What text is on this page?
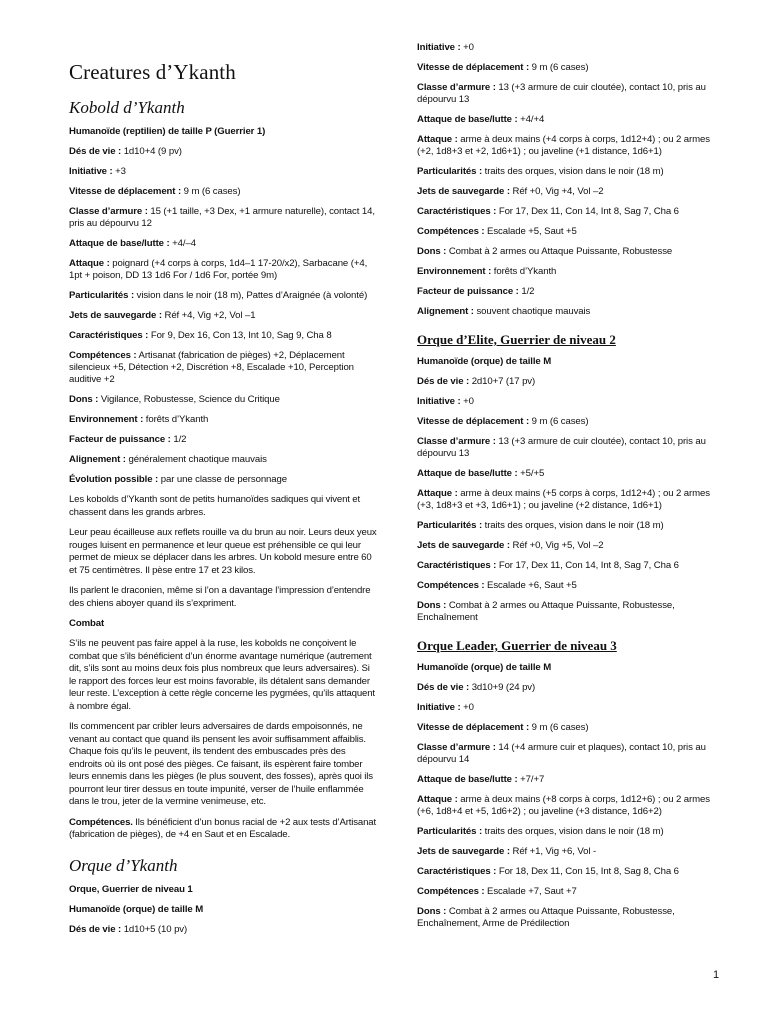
Creatures d’Ykanth
Kobold d’Ykanth

Humanoïde (reptilien) de taille P (Guerrier 1)

Dés de vie : 1d10+4 (9 pv)

Initiative : +3

Vitesse de déplacement : 9 m (6 cases)

Classe d’armure : 15 (+1 taille, +3 Dex, +1 armure naturelle), contact 14, pris au dépourvu 12

Attaque de base/lutte : +4/–4

Attaque : poignard (+4 corps à corps, 1d4–1 17-20/x2), Sarbacane (+4, 1pt + poison, DD 13 1d6 For / 1d6 For, portée 9m)

Particularités : vision dans le noir (18 m), Pattes d’Araignée (à volonté)

Jets de sauvegarde : Réf +4, Vig +2, Vol –1

Caractéristiques : For 9, Dex 16, Con 13, Int 10, Sag 9, Cha 8

Compétences : Artisanat (fabrication de pièges) +2, Déplacement silencieux +5, Détection +2, Discrétion +8, Escalade +10, Perception auditive +2

Dons : Vigilance, Robustesse, Science du Critique

Environnement : forêts d’Ykanth

Facteur de puissance : 1/2

Alignement : généralement chaotique mauvais

Évolution possible : par une classe de personnage

Les kobolds d’Ykanth sont de petits humanoïdes sadiques qui vivent et chassent dans les grands arbres.

Leur peau écailleuse aux reflets rouille va du brun au noir. Leurs deux yeux rouges luisent en permanence et leur queue est préhensible ce qui leur permet de mieux se déplacer dans les arbres. Un kobold mesure entre 60 et 75 centimètres. Il pèse entre 17 et 23 kilos.

Ils parlent le draconien, même si l’on a davantage l’impression d’entendre des chiens aboyer quand ils s’expriment.

Combat

S’ils ne peuvent pas faire appel à la ruse, les kobolds ne conçoivent le combat que s’ils bénéficient d’un énorme avantage numérique (autrement dit, s’ils sont au moins deux fois plus nombreux que leurs adversaires). Si le rapport des forces leur est moins favorable, ils détalent sans demander leur reste. L’exception à cette règle concerne les pygmées, qu’ils attaquent à nombre égal.

Ils commencent par cribler leurs adversaires de dards empoisonnés, ne venant au contact que quand ils pensent les avoir suffisamment affaiblis. Chaque fois qu’ils le peuvent, ils tendent des embuscades près des endroits où ils ont posé des pièges. Ce faisant, ils espèrent faire tomber leurs ennemis dans les pièges (le plus souvent, des fosses), après quoi ils pourront leur tirer dessus en toute impunité, verser de l’huile enflammée dans le trou, jeter de la vermine venimeuse, etc.

Compétences. Ils bénéficient d’un bonus racial de +2 aux tests d’Artisanat (fabrication de pièges), de +4 en Saut et en Escalade.

Orque d’Ykanth

Orque, Guerrier de niveau 1

Humanoïde (orque) de taille M

Dés de vie : 1d10+5 (10 pv)

Initiative : +0

Vitesse de déplacement : 9 m (6 cases)

Classe d’armure : 13 (+3 armure de cuir cloutée), contact 10, pris au dépourvu 13

Attaque de base/lutte : +4/+4

Attaque : arme à deux mains (+4 corps à corps, 1d12+4) ; ou 2 armes (+2, 1d8+3 et +2, 1d6+1) ; ou javeline (+1 distance, 1d6+1)

Particularités : traits des orques, vision dans le noir (18 m)

Jets de sauvegarde : Réf +0, Vig +4, Vol –2

Caractéristiques : For 17, Dex 11, Con 14, Int 8, Sag 7, Cha 6

Compétences : Escalade +5, Saut +5

Dons : Combat à 2 armes ou Attaque Puissante, Robustesse

Environnement : forêts d’Ykanth

Facteur de puissance : 1/2

Alignement : souvent chaotique mauvais

Orque d’Elite, Guerrier de niveau 2

Humanoïde (orque) de taille M

Dés de vie : 2d10+7 (17 pv)

Initiative : +0

Vitesse de déplacement : 9 m (6 cases)

Classe d’armure : 13 (+3 armure de cuir cloutée), contact 10, pris au dépourvu 13

Attaque de base/lutte : +5/+5

Attaque : arme à deux mains (+5 corps à corps, 1d12+4) ; ou 2 armes (+3, 1d8+3 et +3, 1d6+1) ; ou javeline (+2 distance, 1d6+1)

Particularités : traits des orques, vision dans le noir (18 m)

Jets de sauvegarde : Réf +0, Vig +5, Vol –2

Caractéristiques : For 17, Dex 11, Con 14, Int 8, Sag 7, Cha 6

Compétences : Escalade +6, Saut +5

Dons : Combat à 2 armes ou Attaque Puissante, Robustesse, Enchaînement

Orque Leader, Guerrier de niveau 3

Humanoïde (orque) de taille M

Dés de vie : 3d10+9 (24 pv)

Initiative : +0

Vitesse de déplacement : 9 m (6 cases)

Classe d’armure : 14 (+4 armure cuir et plaques), contact 10, pris au dépourvu 14

Attaque de base/lutte : +7/+7

Attaque : arme à deux mains (+8 corps à corps, 1d12+6) ; ou 2 armes (+6, 1d8+4 et +5, 1d6+2) ; ou javeline (+3 distance, 1d6+2)

Particularités : traits des orques, vision dans le noir (18 m)

Jets de sauvegarde : Réf +1, Vig +6, Vol -

Caractéristiques : For 18, Dex 11, Con 15, Int 8, Sag 8, Cha 6

Compétences : Escalade +7, Saut +7

Dons : Combat à 2 armes ou Attaque Puissante, Robustesse, Enchaînement, Arme de Prédilection

1
